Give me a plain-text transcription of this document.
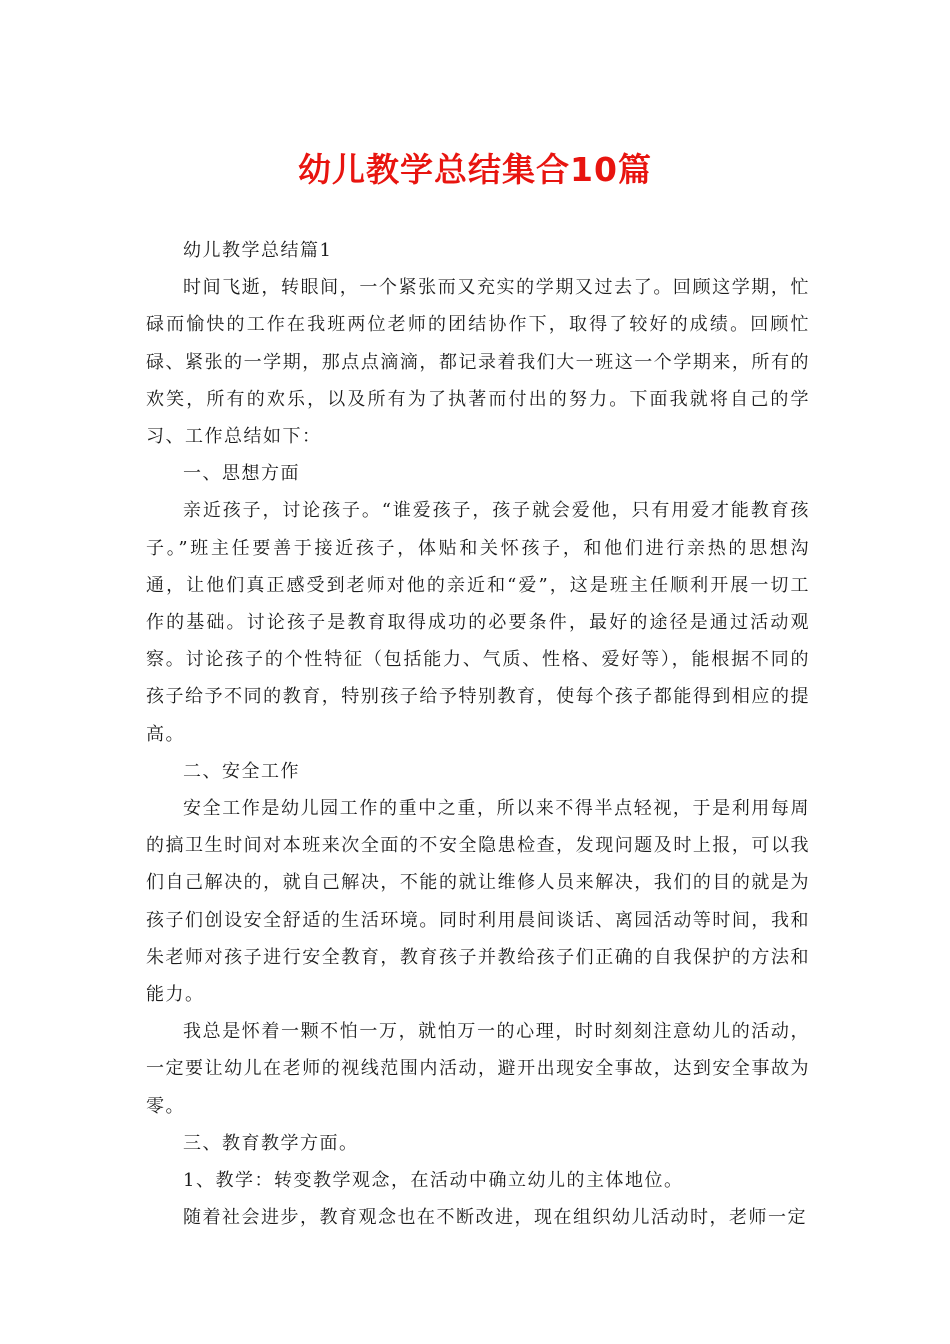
幼儿教学总结集合10篇

幼儿教学总结篇1

时间飞逝，转眼间，一个紧张而又充实的学期又过去了。回顾这学期，忙碌而愉快的工作在我班两位老师的团结协作下，取得了较好的成绩。回顾忙碌、紧张的一学期，那点点滴滴，都记录着我们大一班这一个学期来，所有的欢笑，所有的欢乐，以及所有为了执著而付出的努力。下面我就将自己的学习、工作总结如下：

一、思想方面

亲近孩子，讨论孩子。“谁爱孩子，孩子就会爱他，只有用爱才能教育孩子。”班主任要善于接近孩子，体贴和关怀孩子，和他们进行亲热的思想沟通，让他们真正感受到老师对他的亲近和“爱”，这是班主任顺利开展一切工作的基础。讨论孩子是教育取得成功的必要条件，最好的途径是通过活动观察。讨论孩子的个性特征（包括能力、气质、性格、爱好等），能根据不同的孩子给予不同的教育，特别孩子给予特别教育，使每个孩子都能得到相应的提高。

二、安全工作

安全工作是幼儿园工作的重中之重，所以来不得半点轻视，于是利用每周的搞卫生时间对本班来次全面的不安全隐患检查，发现问题及时上报，可以我们自己解决的，就自己解决，不能的就让维修人员来解决，我们的目的就是为孩子们创设安全舒适的生活环境。同时利用晨间谈话、离园活动等时间，我和朱老师对孩子进行安全教育，教育孩子并教给孩子们正确的自我保护的方法和能力。

我总是怀着一颗不怕一万，就怕万一的心理，时时刻刻注意幼儿的活动，一定要让幼儿在老师的视线范围内活动，避开出现安全事故，达到安全事故为零。

三、教育教学方面。

1、教学：转变教学观念，在活动中确立幼儿的主体地位。

随着社会进步，教育观念也在不断改进，现在组织幼儿活动时，老师一定
